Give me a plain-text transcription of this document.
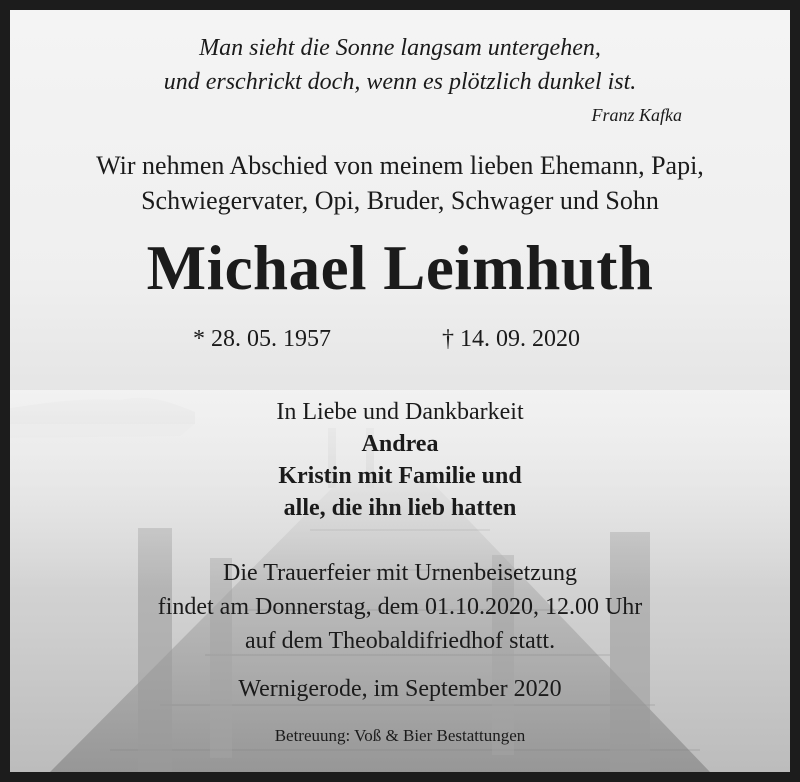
Man sieht die Sonne langsam untergehen,
und erschrickt doch, wenn es plötzlich dunkel ist.
Franz Kafka
Wir nehmen Abschied von meinem lieben Ehemann, Papi,
Schwiegervater, Opi, Bruder, Schwager und Sohn
Michael Leimhuth
* 28. 05. 1957	† 14. 09. 2020
In Liebe und Dankbarkeit
Andrea
Kristin mit Familie und
alle, die ihn lieb hatten
Die Trauerfeier mit Urnenbeisetzung
findet am Donnerstag, dem 01.10.2020, 12.00 Uhr
auf dem Theobaldifriedhof statt.
Wernigerode, im September 2020
Betreuung: Voß & Bier Bestattungen
